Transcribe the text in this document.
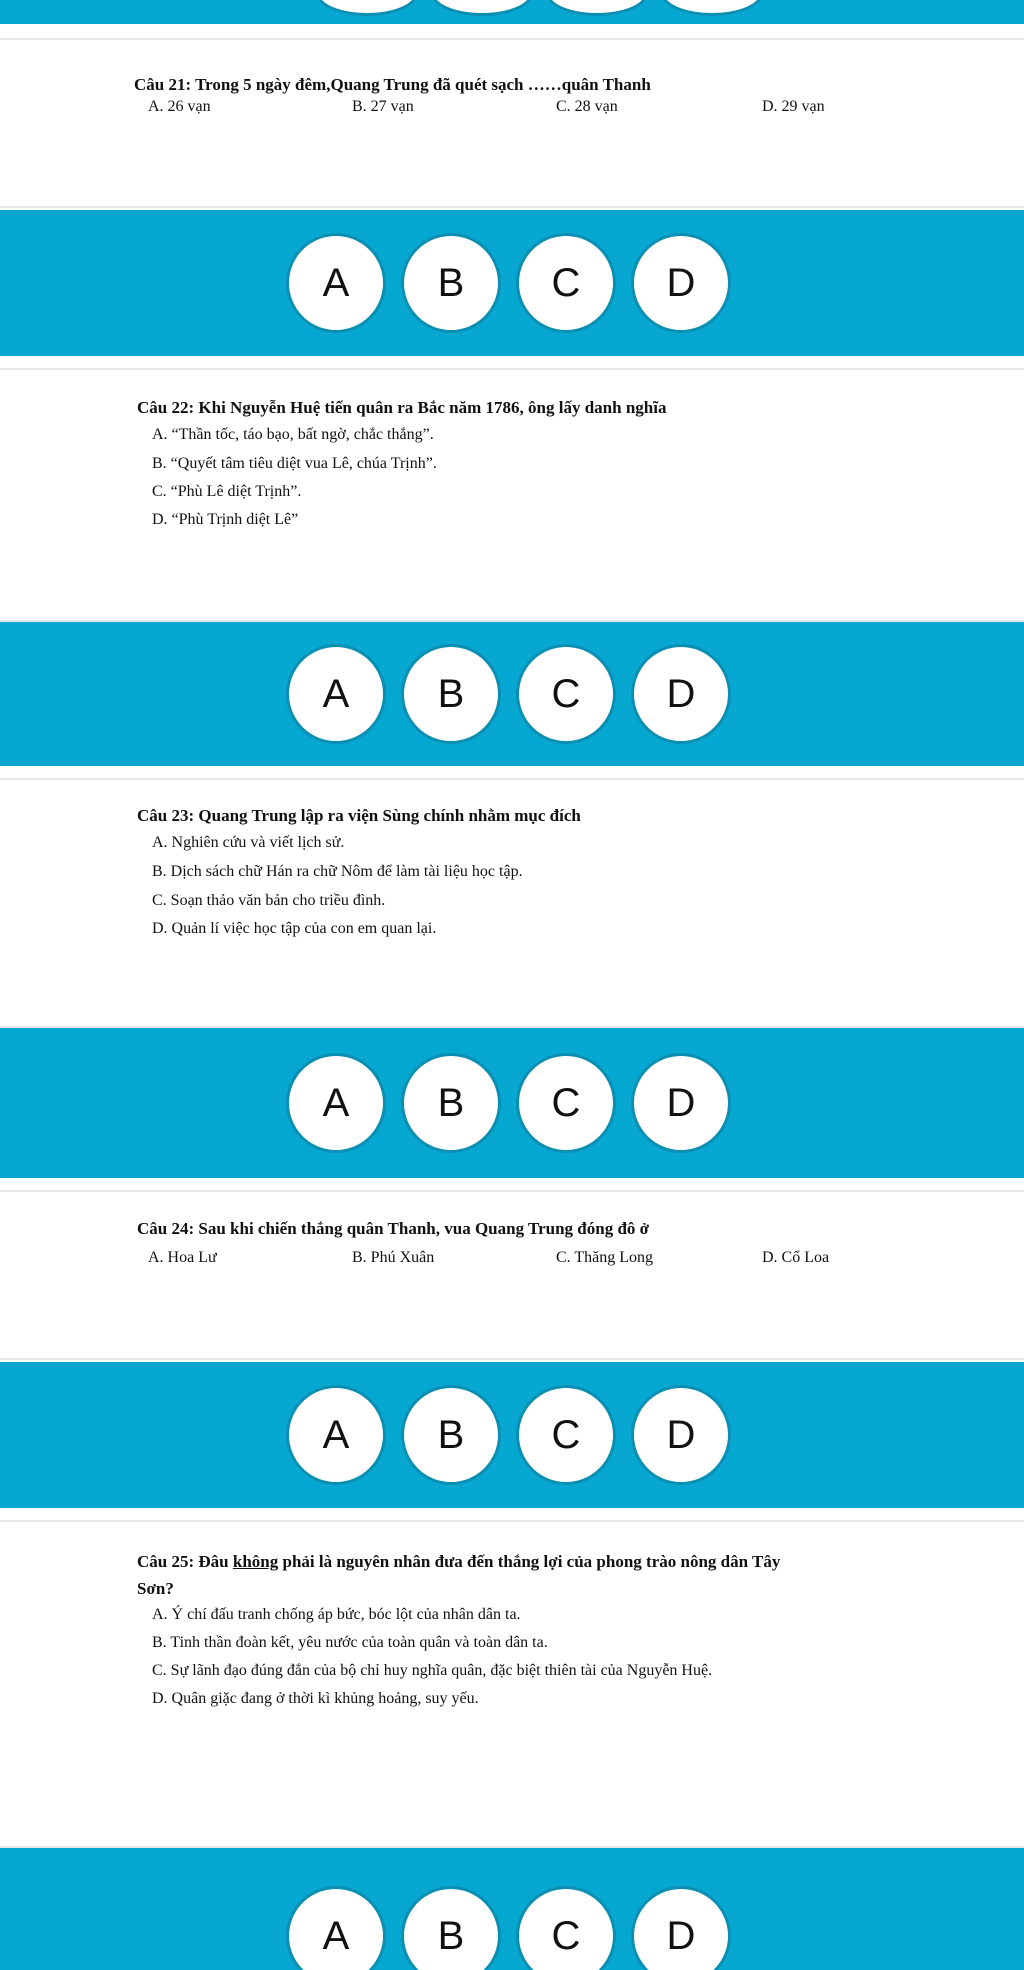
Câu 21: Trong 5 ngày đêm,Quang Trung đã quét sạch ……quân Thanh
A. 26 vạn	B. 27 vạn	C. 28 vạn	D. 29 vạn
A	B	C	D
Câu 22: Khi Nguyễn Huệ tiến quân ra Bắc năm 1786, ông lấy danh nghĩa
A. “Thần tốc, táo bạo, bất ngờ, chắc thắng”.
B. “Quyết tâm tiêu diệt vua Lê, chúa Trịnh”.
C. “Phù Lê diệt Trịnh”.
D. “Phù Trịnh diệt Lê”
A	B	C	D
Câu 23: Quang Trung lập ra viện Sùng chính nhằm mục đích
A. Nghiên cứu và viết lịch sử.
B. Dịch sách chữ Hán ra chữ Nôm để làm tài liệu học tập.
C. Soạn thảo văn bản cho triều đình.
D. Quản lí việc học tập của con em quan lại.
A	B	C	D
Câu 24: Sau khi chiến thắng quân Thanh, vua Quang Trung đóng đô ở
A. Hoa Lư	B. Phú Xuân	C. Thăng Long	D. Cổ Loa
A	B	C	D
Câu 25: Đâu không phải là nguyên nhân đưa đến thắng lợi của phong trào nông dân Tây
Sơn?
A. Ý chí đấu tranh chống áp bức, bóc lột của nhân dân ta.
B. Tinh thần đoàn kết, yêu nước của toàn quân và toàn dân ta.
C. Sự lãnh đạo đúng đắn của bộ chỉ huy nghĩa quân, đặc biệt thiên tài của Nguyễn Huệ.
D. Quân giặc đang ở thời kì khủng hoảng, suy yếu.
A	B	C	D
